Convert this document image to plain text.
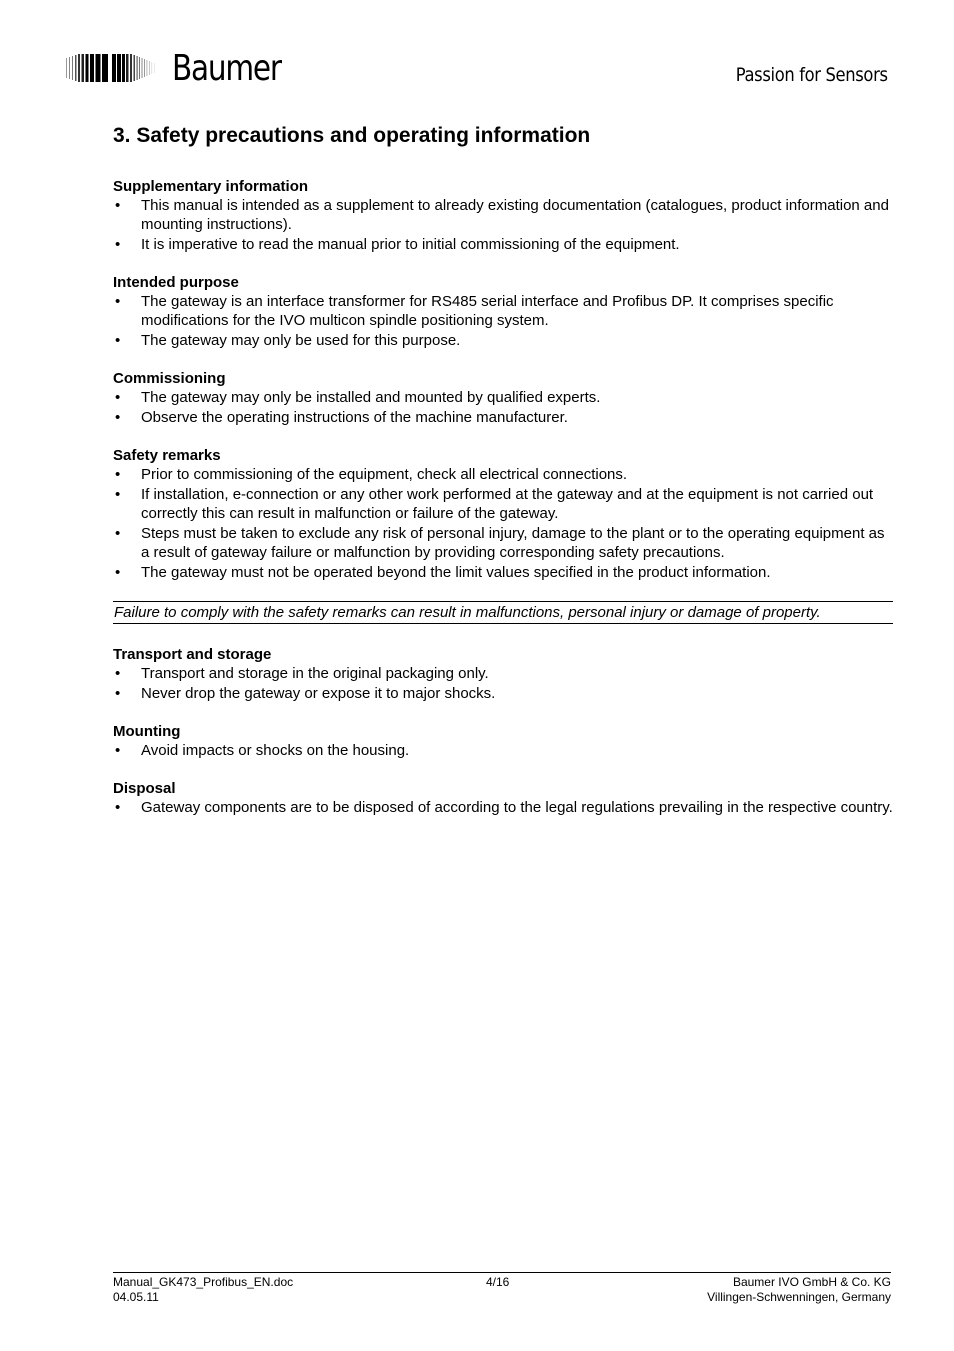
Baumer	Passion for Sensors
3. Safety precautions and operating information
Supplementary information
• This manual is intended as a supplement to already existing documentation (catalogues, product information and mounting instructions).
• It is imperative to read the manual prior to initial commissioning of the equipment.
Intended purpose
• The gateway is an interface transformer for RS485 serial interface and Profibus DP. It comprises specific modifications for the IVO multicon spindle positioning system.
• The gateway may only be used for this purpose.
Commissioning
• The gateway may only be installed and mounted by qualified experts.
• Observe the operating instructions of the machine manufacturer.
Safety remarks
• Prior to commissioning of the equipment, check all electrical connections.
• If installation, e-connection or any other work performed at the gateway and at the equipment is not carried out correctly this can result in malfunction or failure of the gateway.
• Steps must be taken to exclude any risk of personal injury, damage to the plant or to the operating equipment as a result of gateway failure or malfunction by providing corresponding safety precautions.
• The gateway must not be operated beyond the limit values specified in the product information.
Failure to comply with the safety remarks can result in malfunctions, personal injury or damage of property.
Transport and storage
• Transport and storage in the original packaging only.
• Never drop the gateway or expose it to major shocks.
Mounting
• Avoid impacts or shocks on the housing.
Disposal
• Gateway components are to be disposed of according to the legal regulations prevailing in the respective country.
Manual_GK473_Profibus_EN.doc
04.05.11
4/16	Baumer IVO GmbH & Co. KG
Villingen-Schwenningen, Germany
